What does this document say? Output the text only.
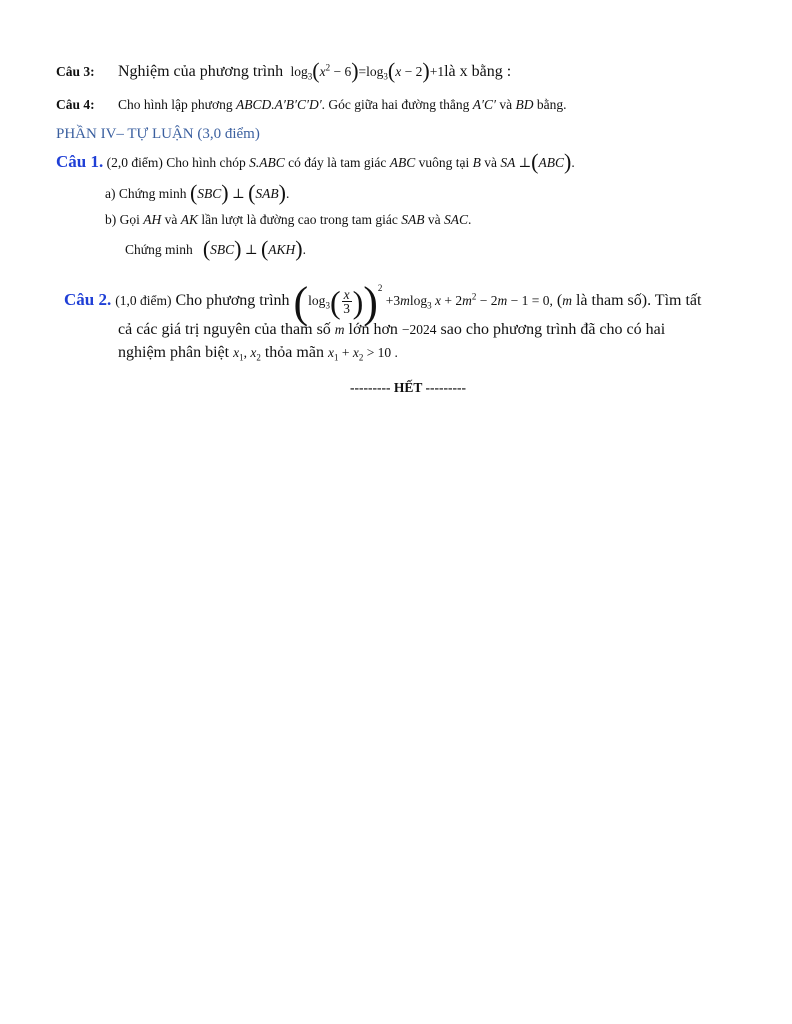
Câu 3: Nghiệm của phương trình $\log_3(x^2 - 6)=\log_3(x$ − 2)+1là x bằng :
Câu 4: Cho hình lập phương ABCD.A′B′C′D′. Góc giữa hai đường thẳng A′C′ và BD bằng.
PHẦN IV– TỰ LUẬN (3,0 điểm)
Câu 1. (2,0 điểm) Cho hình chóp S.ABC có đáy là tam giác ABC vuông tại B và SA ⊥(ABC).
a) Chứng minh (SBC) ⊥ (SAB).
b) Gọi AH và AK lần lượt là đường cao trong tam giác SAB và SAC.
Chứng minh (SBC) ⊥ (AKH).
Câu 2. (1,0 điểm) Cho phương trình $(\log_3( \frac{x}{3} ))^2 +3mlog_3$ $x + 2m^2 - 2m - 1 = 0$, (m là tham số). Tìm tất
cả các giá trị nguyên của tham số m lớn hơn −2024 sao cho phương trình đã cho có hai
nghiệm phân biệt $x_1$, $x_2$ thỏa mãn $x_1 + x_2 > 10$ .
--------- HẾT ---------
